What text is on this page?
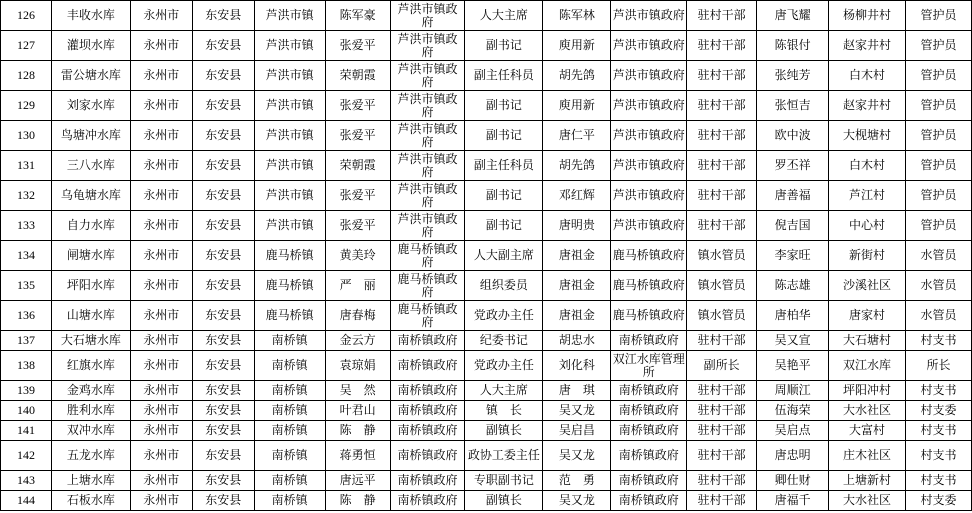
126	丰收水库	永州市	东安县	芦洪市镇	陈军豪	芦洪市镇政府	人大主席	陈军林	芦洪市镇政府	驻村干部	唐飞耀	杨柳井村	管护员
127	灌坝水库	永州市	东安县	芦洪市镇	张爱平	芦洪市镇政府	副书记	庾用新	芦洪市镇政府	驻村干部	陈银付	赵家井村	管护员
128	雷公塘水库	永州市	东安县	芦洪市镇	荣朝霞	芦洪市镇政府	副主任科员	胡先鸽	芦洪市镇政府	驻村干部	张纯芳	白木村	管护员
129	刘家水库	永州市	东安县	芦洪市镇	张爱平	芦洪市镇政府	副书记	庾用新	芦洪市镇政府	驻村干部	张恒吉	赵家井村	管护员
130	鸟塘冲水库	永州市	东安县	芦洪市镇	张爱平	芦洪市镇政府	副书记	唐仁平	芦洪市镇政府	驻村干部	欧中波	大枧塘村	管护员
131	三八水库	永州市	东安县	芦洪市镇	荣朝霞	芦洪市镇政府	副主任科员	胡先鸽	芦洪市镇政府	驻村干部	罗丕祥	白木村	管护员
132	乌龟塘水库	永州市	东安县	芦洪市镇	张爱平	芦洪市镇政府	副书记	邓红辉	芦洪市镇政府	驻村干部	唐善福	芦江村	管护员
133	自力水库	永州市	东安县	芦洪市镇	张爱平	芦洪市镇政府	副书记	唐明贵	芦洪市镇政府	驻村干部	倪吉国	中心村	管护员
134	闸塘水库	永州市	东安县	鹿马桥镇	黄美玲	鹿马桥镇政府	人大副主席	唐祖金	鹿马桥镇政府	镇水管员	李家旺	新街村	水管员
135	坪阳水库	永州市	东安县	鹿马桥镇	严　丽	鹿马桥镇政府	组织委员	唐祖金	鹿马桥镇政府	镇水管员	陈志雄	沙溪社区	水管员
136	山塘水库	永州市	东安县	鹿马桥镇	唐春梅	鹿马桥镇政府	党政办主任	唐祖金	鹿马桥镇政府	镇水管员	唐柏华	唐家村	水管员
137	大石塘水库	永州市	东安县	南桥镇	金云方	南桥镇政府	纪委书记	胡忠水	南桥镇政府	驻村干部	吴又宣	大石塘村	村支书
138	红旗水库	永州市	东安县	南桥镇	袁琼娟	南桥镇政府	党政办主任	刘化科	双江水库管理所	副所长	吴艳平	双江水库	所长
139	金鸡水库	永州市	东安县	南桥镇	吴　然	南桥镇政府	人大主席	唐　琪	南桥镇政府	驻村干部	周顺江	坪阳冲村	村支书
140	胜利水库	永州市	东安县	南桥镇	叶君山	南桥镇政府	镇　长	吴又龙	南桥镇政府	驻村干部	伍海荣	大水社区	村支委
141	双冲水库	永州市	东安县	南桥镇	陈　静	南桥镇政府	副镇长	吴启昌	南桥镇政府	驻村干部	吴启点	大富村	村支书
142	五龙水库	永州市	东安县	南桥镇	蒋勇恒	南桥镇政府	政协工委主任	吴又龙	南桥镇政府	驻村干部	唐忠明	庄木社区	村支书
143	上塘水库	永州市	东安县	南桥镇	唐远平	南桥镇政府	专职副书记	范　勇	南桥镇政府	驻村干部	卿仕财	上塘新村	村支书
144	石板水库	永州市	东安县	南桥镇	陈　静	南桥镇政府	副镇长	吴又龙	南桥镇政府	驻村干部	唐福千	大水社区	村支委
